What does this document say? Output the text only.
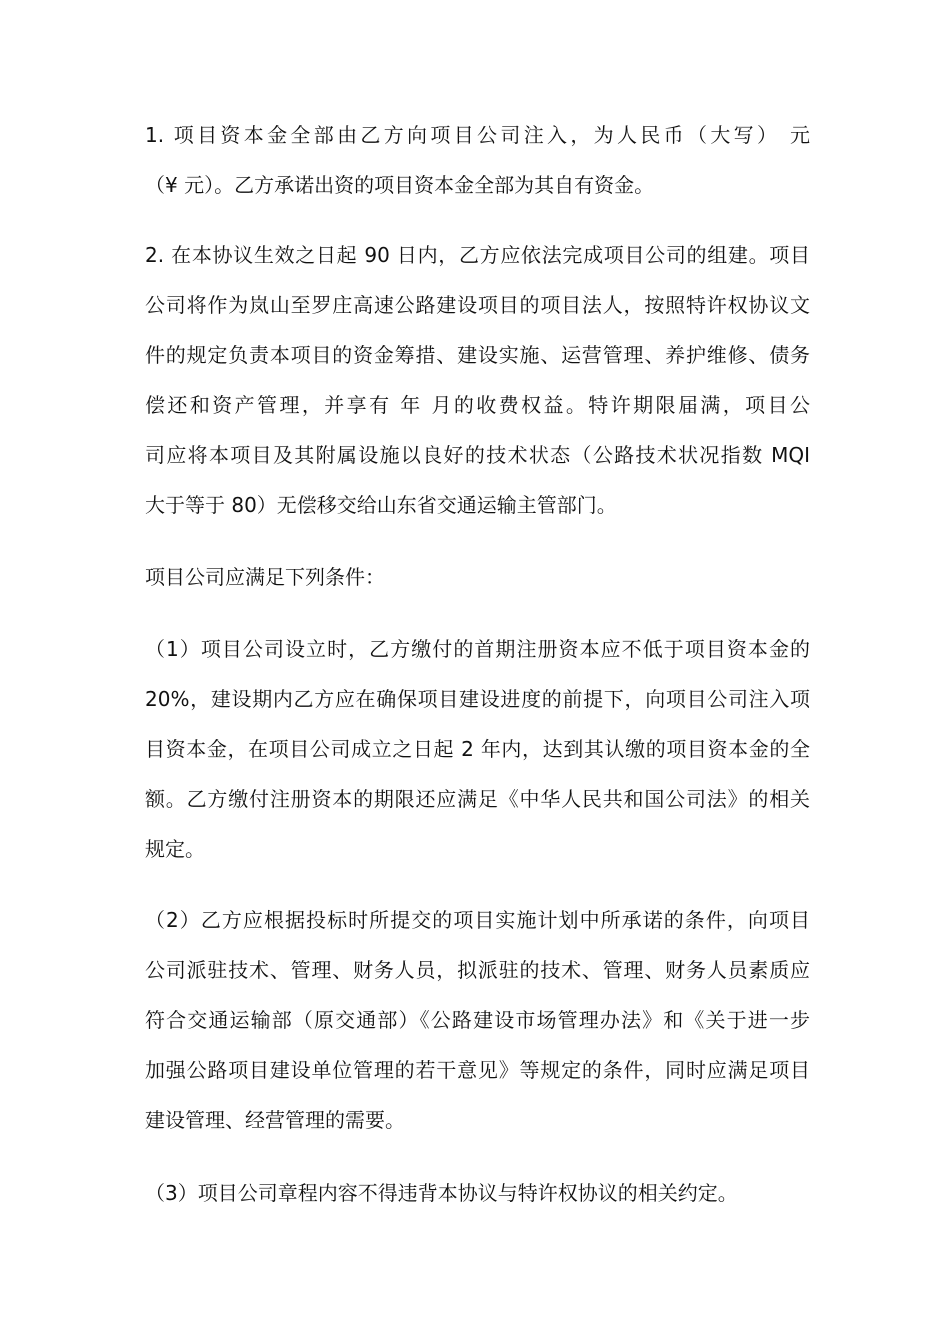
1. 项目资本金全部由乙方向项目公司注入，为人民币（大写） 元
（¥ 元）。乙方承诺出资的项目资本金全部为其自有资金。
2. 在本协议生效之日起 90 日内，乙方应依法完成项目公司的组建。项目
公司将作为岚山至罗庄高速公路建设项目的项目法人，按照特许权协议文
件的规定负责本项目的资金筹措、建设实施、运营管理、养护维修、债务
偿还和资产管理，并享有 年 月的收费权益。特许期限届满，项目公
司应将本项目及其附属设施以良好的技术状态（公路技术状况指数 MQI
大于等于 80）无偿移交给山东省交通运输主管部门。
项目公司应满足下列条件：
（1）项目公司设立时，乙方缴付的首期注册资本应不低于项目资本金的
20%，建设期内乙方应在确保项目建设进度的前提下，向项目公司注入项
目资本金，在项目公司成立之日起 2 年内，达到其认缴的项目资本金的全
额。乙方缴付注册资本的期限还应满足《中华人民共和国公司法》的相关
规定。
（2）乙方应根据投标时所提交的项目实施计划中所承诺的条件，向项目
公司派驻技术、管理、财务人员，拟派驻的技术、管理、财务人员素质应
符合交通运输部（原交通部）《公路建设市场管理办法》和《关于进一步
加强公路项目建设单位管理的若干意见》等规定的条件，同时应满足项目
建设管理、经营管理的需要。
（3）项目公司章程内容不得违背本协议与特许权协议的相关约定。
